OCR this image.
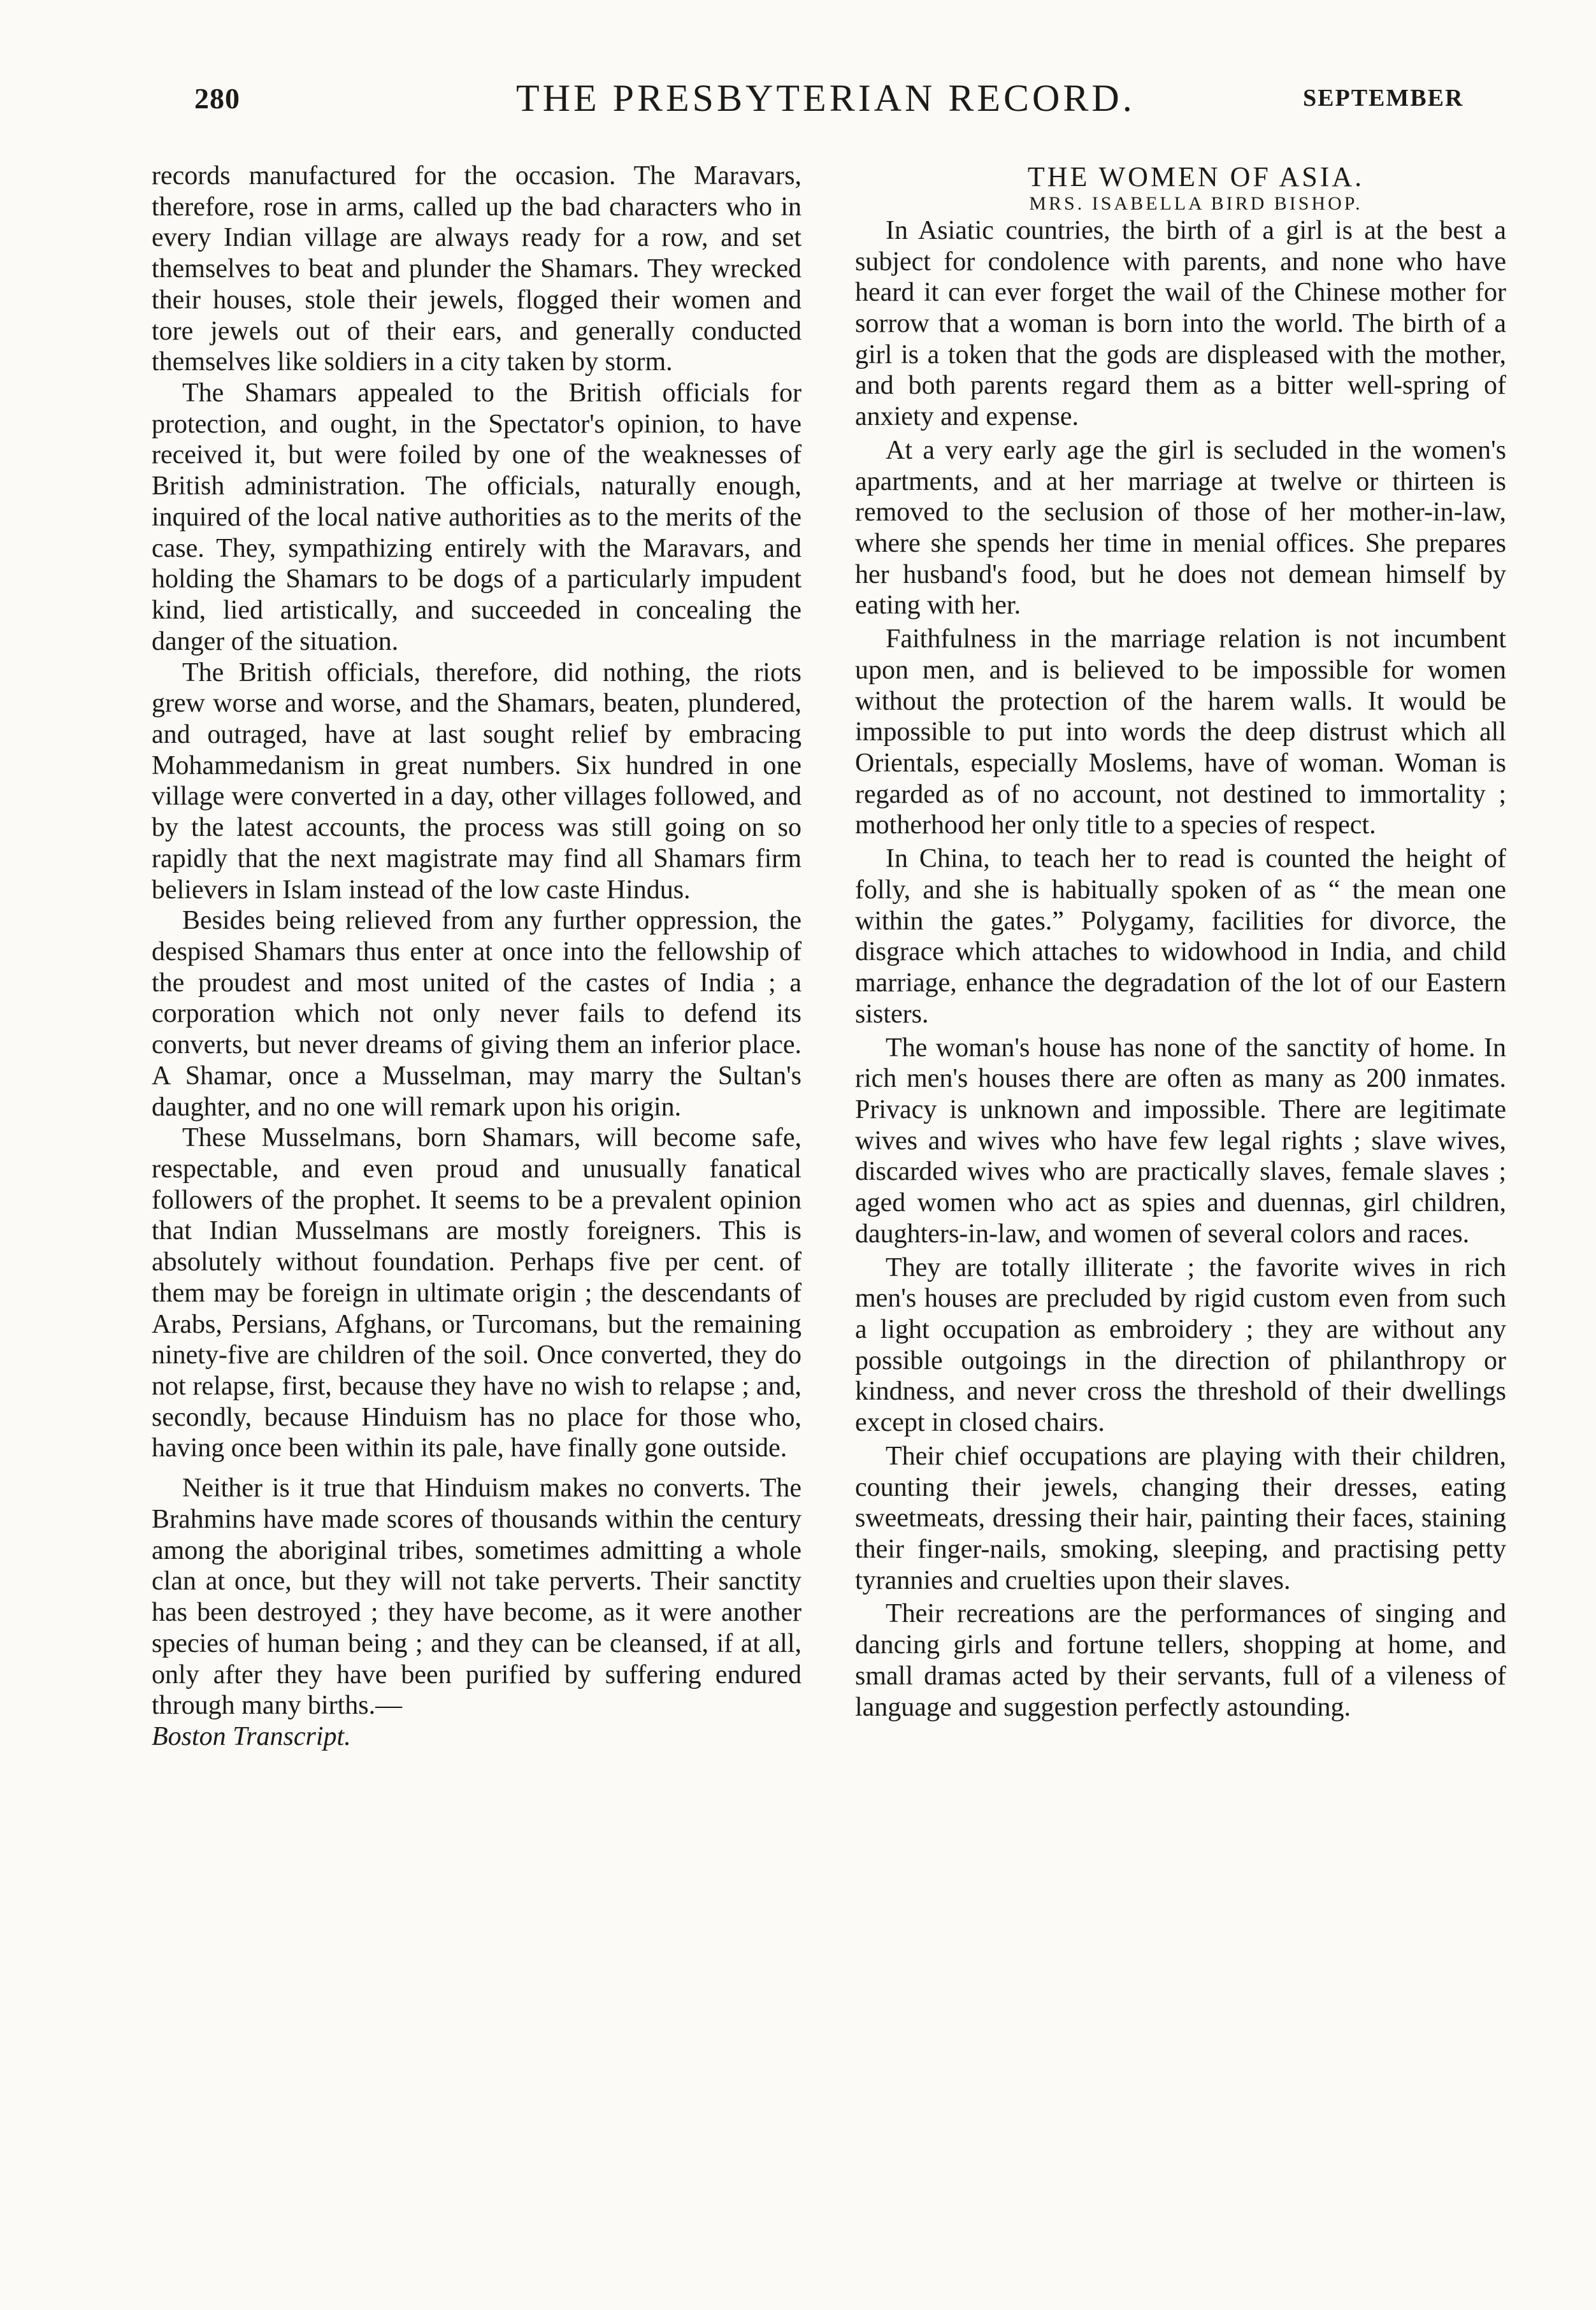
280	THE PRESBYTERIAN RECORD.	SEPTEMBER

records manufactured for the occasion. The Maravars, therefore, rose in arms, called up the bad characters who in every Indian village are always ready for a row, and set themselves to beat and plunder the Shamars. They wrecked their houses, stole their jewels, flogged their women and tore jewels out of their ears, and generally conducted themselves like soldiers in a city taken by storm.

The Shamars appealed to the British officials for protection, and ought, in the Spectator's opinion, to have received it, but were foiled by one of the weaknesses of British administration. The officials, naturally enough, inquired of the local native authorities as to the merits of the case. They, sympathizing entirely with the Maravars, and holding the Shamars to be dogs of a particularly impudent kind, lied artistically, and succeeded in concealing the danger of the situation.

The British officials, therefore, did nothing, the riots grew worse and worse, and the Shamars, beaten, plundered, and outraged, have at last sought relief by embracing Mohammedanism in great numbers. Six hundred in one village were converted in a day, other villages followed, and by the latest accounts, the process was still going on so rapidly that the next magistrate may find all Shamars firm believers in Islam instead of the low caste Hindus.

Besides being relieved from any further oppression, the despised Shamars thus enter at once into the fellowship of the proudest and most united of the castes of India ; a corporation which not only never fails to defend its converts, but never dreams of giving them an inferior place. A Shamar, once a Musselman, may marry the Sultan's daughter, and no one will remark upon his origin.

These Musselmans, born Shamars, will become safe, respectable, and even proud and unusually fanatical followers of the prophet. It seems to be a prevalent opinion that Indian Musselmans are mostly foreigners. This is absolutely without foundation. Perhaps five per cent. of them may be foreign in ultimate origin ; the descendants of Arabs, Persians, Afghans, or Turcomans, but the remaining ninety-five are children of the soil. Once converted, they do not relapse, first, because they have no wish to relapse ; and, secondly, because Hinduism has no place for those who, having once been within its pale, have finally gone outside.

Neither is it true that Hinduism makes no converts. The Brahmins have made scores of thousands within the century among the aboriginal tribes, sometimes admitting a whole clan at once, but they will not take perverts. Their sanctity has been destroyed ; they have become, as it were another species of human being ; and they can be cleansed, if at all, only after they have been purified by suffering endured through many births.—

Boston Transcript.

THE WOMEN OF ASIA.

MRS. ISABELLA BIRD BISHOP.

In Asiatic countries, the birth of a girl is at the best a subject for condolence with parents, and none who have heard it can ever forget the wail of the Chinese mother for sorrow that a woman is born into the world. The birth of a girl is a token that the gods are displeased with the mother, and both parents regard them as a bitter well-spring of anxiety and expense.

At a very early age the girl is secluded in the women's apartments, and at her marriage at twelve or thirteen is removed to the seclusion of those of her mother-in-law, where she spends her time in menial offices. She prepares her husband's food, but he does not demean himself by eating with her.

Faithfulness in the marriage relation is not incumbent upon men, and is believed to be impossible for women without the protection of the harem walls. It would be impossible to put into words the deep distrust which all Orientals, especially Moslems, have of woman. Woman is regarded as of no account, not destined to immortality ; motherhood her only title to a species of respect.

In China, to teach her to read is counted the height of folly, and she is habitually spoken of as “ the mean one within the gates.” Polygamy, facilities for divorce, the disgrace which attaches to widowhood in India, and child marriage, enhance the degradation of the lot of our Eastern sisters.

The woman's house has none of the sanctity of home. In rich men's houses there are often as many as 200 inmates. Privacy is unknown and impossible. There are legitimate wives and wives who have few legal rights ; slave wives, discarded wives who are practically slaves, female slaves ; aged women who act as spies and duennas, girl children, daughters-in-law, and women of several colors and races.

They are totally illiterate ; the favorite wives in rich men's houses are precluded by rigid custom even from such a light occupation as embroidery ; they are without any possible outgoings in the direction of philanthropy or kindness, and never cross the threshold of their dwellings except in closed chairs.

Their chief occupations are playing with their children, counting their jewels, changing their dresses, eating sweetmeats, dressing their hair, painting their faces, staining their finger-nails, smoking, sleeping, and practising petty tyrannies and cruelties upon their slaves.

Their recreations are the performances of singing and dancing girls and fortune tellers, shopping at home, and small dramas acted by their servants, full of a vileness of language and suggestion perfectly astounding.
